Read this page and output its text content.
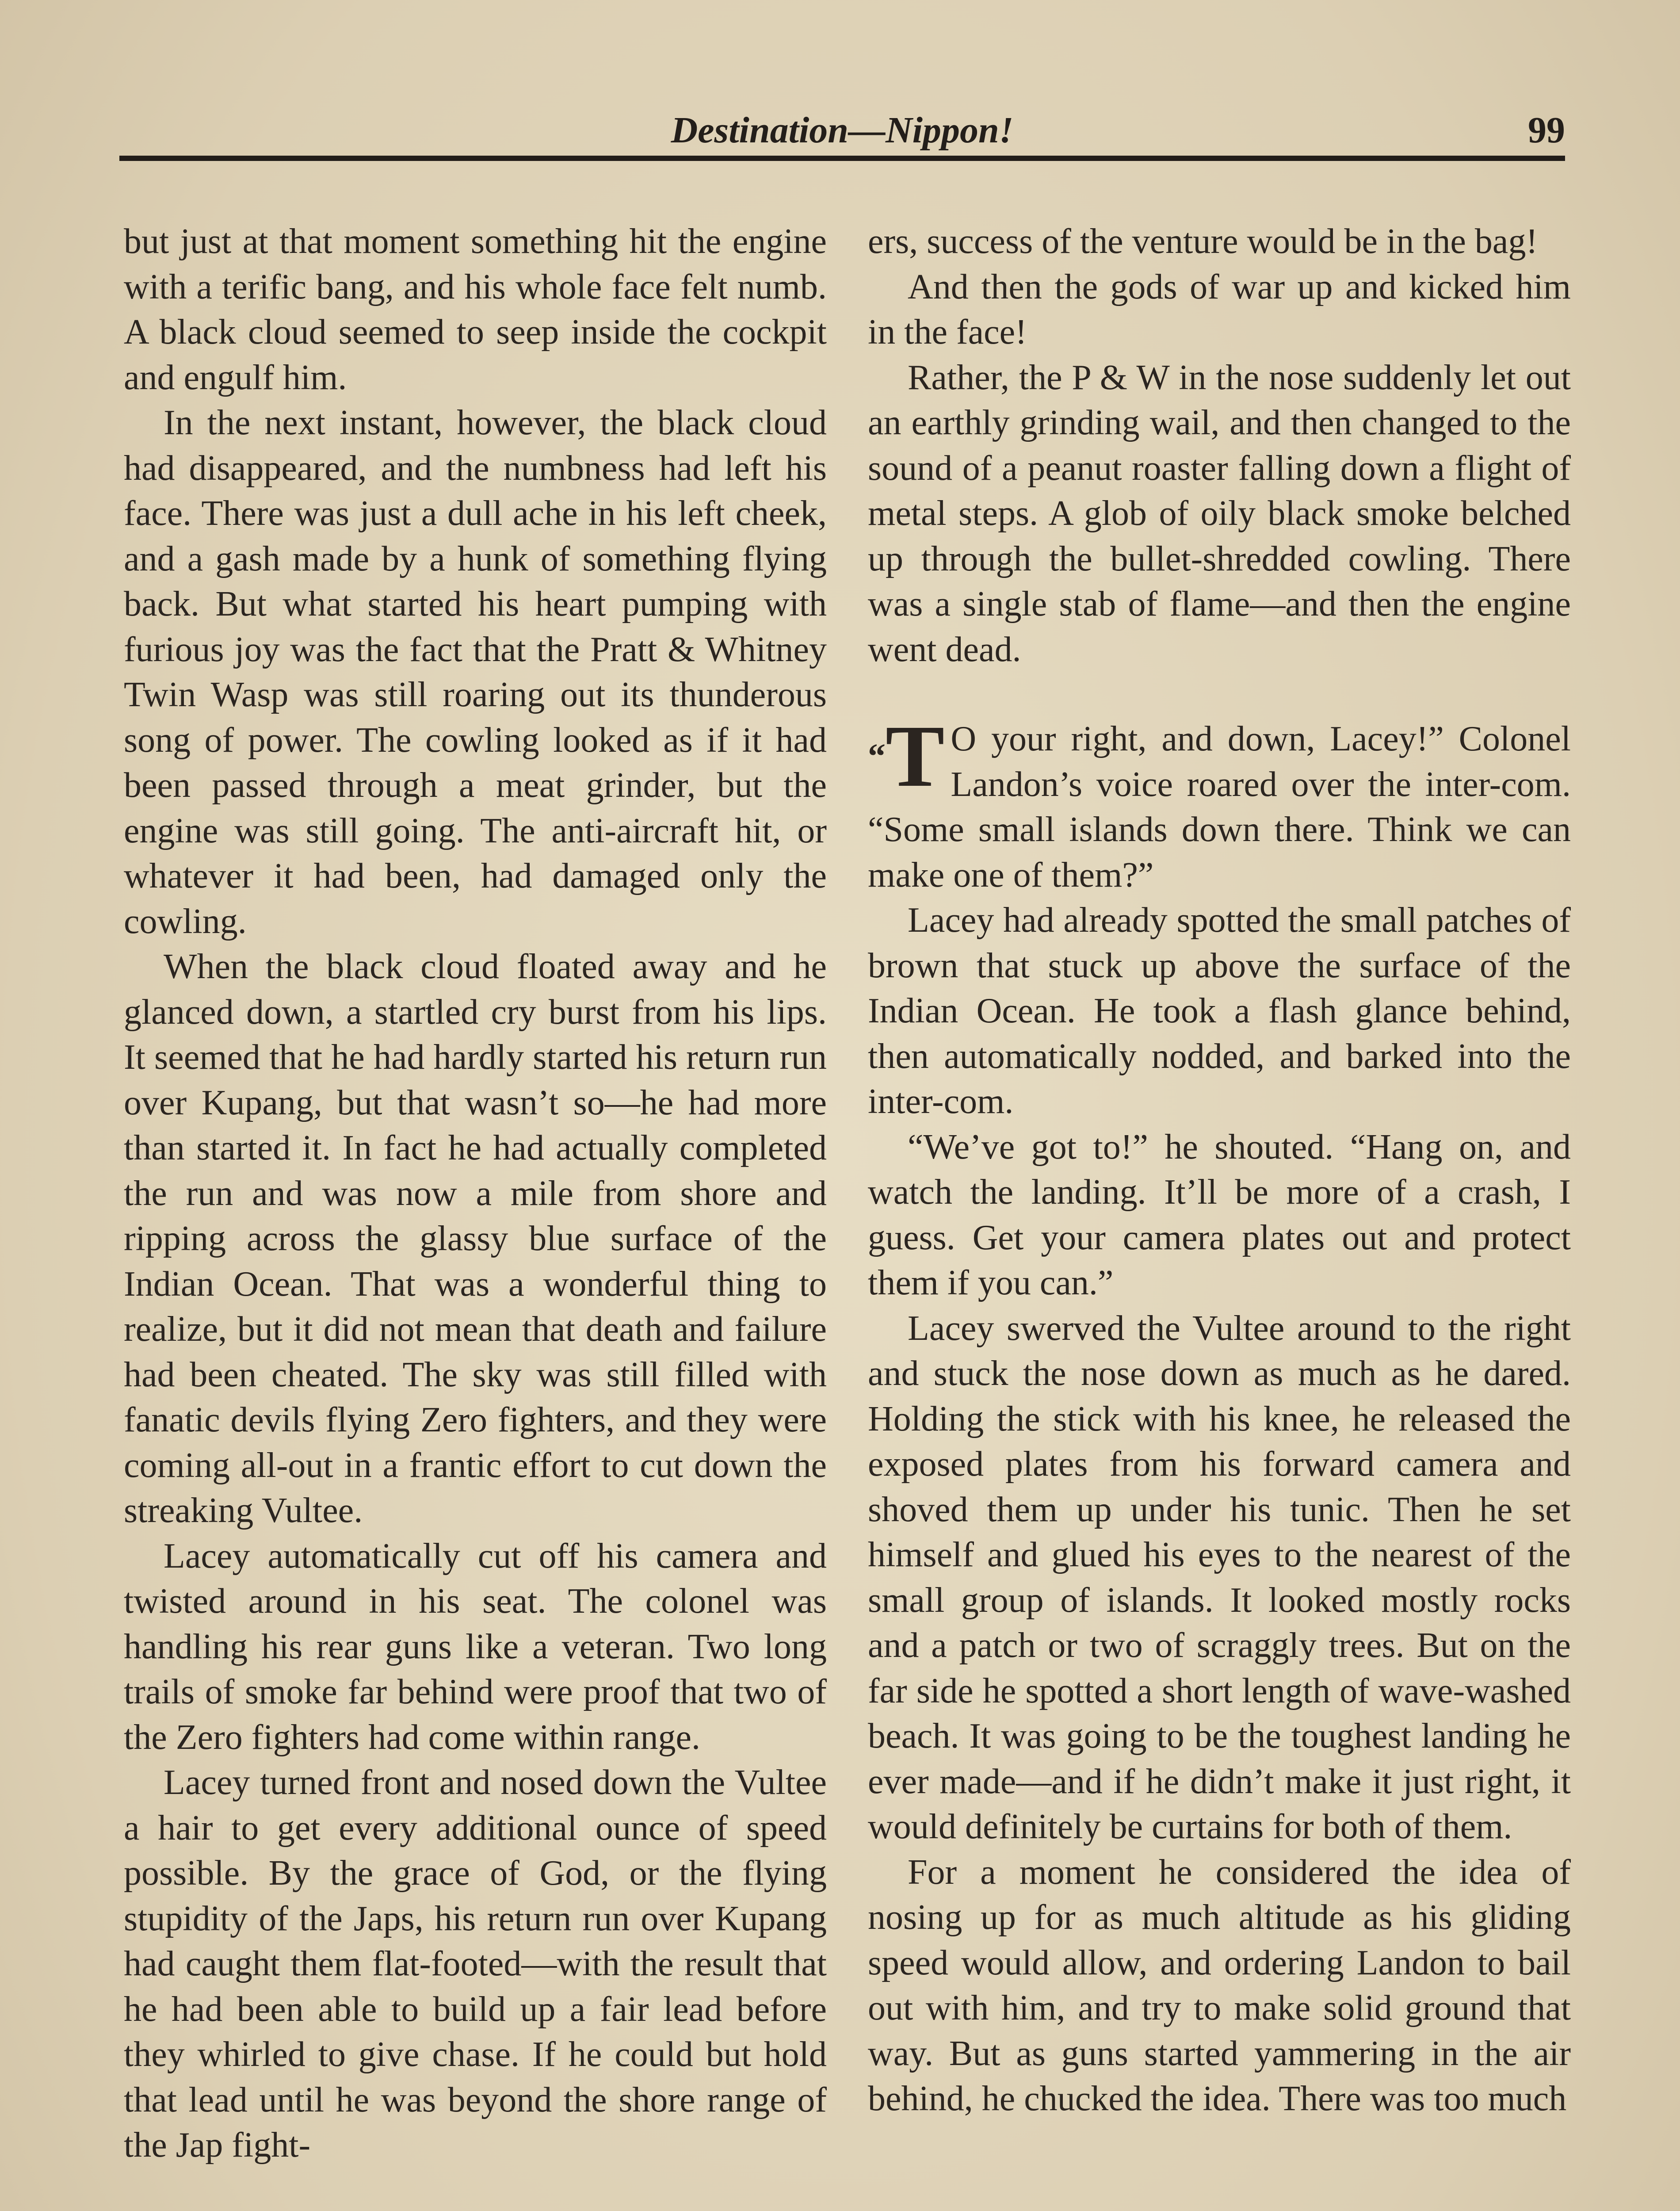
Destination—Nippon!	99

but just at that moment something hit the engine with a terific bang, and his whole face felt numb. A black cloud seemed to seep inside the cockpit and engulf him.

In the next instant, however, the black cloud had disappeared, and the numbness had left his face. There was just a dull ache in his left cheek, and a gash made by a hunk of something flying back. But what started his heart pumping with furious joy was the fact that the Pratt & Whitney Twin Wasp was still roaring out its thunderous song of power. The cowling looked as if it had been passed through a meat grinder, but the engine was still going. The anti-aircraft hit, or whatever it had been, had damaged only the cowling.

When the black cloud floated away and he glanced down, a startled cry burst from his lips. It seemed that he had hardly started his return run over Kupang, but that wasn’t so—he had more than started it. In fact he had actually completed the run and was now a mile from shore and ripping across the glassy blue surface of the Indian Ocean. That was a wonderful thing to realize, but it did not mean that death and failure had been cheated. The sky was still filled with fanatic devils flying Zero fighters, and they were coming all-out in a frantic effort to cut down the streaking Vultee.

Lacey automatically cut off his camera and twisted around in his seat. The colonel was handling his rear guns like a veteran. Two long trails of smoke far behind were proof that two of the Zero fighters had come within range.

Lacey turned front and nosed down the Vultee a hair to get every additional ounce of speed possible. By the grace of God, or the flying stupidity of the Japs, his return run over Kupang had caught them flat-footed—with the result that he had been able to build up a fair lead before they whirled to give chase. If he could but hold that lead until he was beyond the shore range of the Jap fight-

ers, success of the venture would be in the bag!

And then the gods of war up and kicked him in the face!

Rather, the P & W in the nose suddenly let out an earthly grinding wail, and then changed to the sound of a peanut roaster falling down a flight of metal steps. A glob of oily black smoke belched up through the bullet-shredded cowling. There was a single stab of flame—and then the engine went dead.

“T O your right, and down, Lacey!” Colonel Landon’s voice roared over the inter-com. “Some small islands down there. Think we can make one of them?”

Lacey had already spotted the small patches of brown that stuck up above the surface of the Indian Ocean. He took a flash glance behind, then automatically nodded, and barked into the inter-com.

“We’ve got to!” he shouted. “Hang on, and watch the landing. It’ll be more of a crash, I guess. Get your camera plates out and protect them if you can.”

Lacey swerved the Vultee around to the right and stuck the nose down as much as he dared. Holding the stick with his knee, he released the exposed plates from his forward camera and shoved them up under his tunic. Then he set himself and glued his eyes to the nearest of the small group of islands. It looked mostly rocks and a patch or two of scraggly trees. But on the far side he spotted a short length of wave-washed beach. It was going to be the toughest landing he ever made—and if he didn’t make it just right, it would definitely be curtains for both of them.

For a moment he considered the idea of nosing up for as much altitude as his gliding speed would allow, and ordering Landon to bail out with him, and try to make solid ground that way. But as guns started yammering in the air behind, he chucked the idea. There was too much
